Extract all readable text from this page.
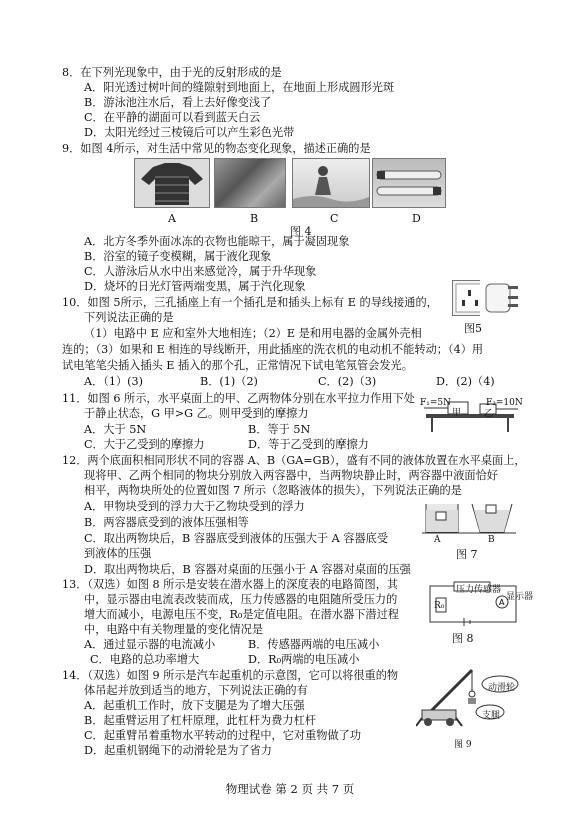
8．在下列光现象中，由于光的反射形成的是
A．阳光透过树叶间的缝隙射到地面上，在地面上形成圆形光斑
B．游泳池注水后，看上去好像变浅了
C．在平静的湖面可以看到蓝天白云
D．太阳光经过三棱镜后可以产生彩色光带
9．如图 4所示，对生活中常见的物态变化现象，描述正确的是
A	B	C	D
图 4
A．北方冬季外面冰冻的衣物也能晾干，属于凝固现象
B．浴室的镜子变模糊，属于液化现象
C．人游泳后从水中出来感觉冷，属于升华现象
D．烧坏的日光灯管两端变黑，属于汽化现象
10．如图 5所示，三孔插座上有一个插孔是和插头上标有 E 的导线接通的，
下列说法正确的是
（1）电路中 E 应和室外大地相连；（2）E 是和用电器的金属外壳相
连的；（3）如果和 E 相连的导线断开，用此插座的洗衣机的电动机不能转动；（4）用
试电笔笔尖插入插头 E 插入的那个孔，正常情况下试电笔氖管会发光。
图5
A．（1）(3)	B．(1)（2)	C．(2)（3)	D．(2)（4)
11．如图 6 所示，水平桌面上的甲、乙两物体分别在水平拉力作用下处
于静止状态，G 甲>G 乙。则甲受到的摩擦力
A．大于 5N	B．等于 5N
C．大于乙受到的摩擦力	D．等于乙受到的摩擦力
F₁=5N	F₂=10N
甲	乙
12．两个底面积相同形状不同的容器 A、B（GA=GB），盛有不同的液体放置在水平桌面上，
现将甲、乙两个相同的物块分别放入两容器中，当两物块静止时，两容器中液面恰好
相平，两物块所处的位置如图 7 所示（忽略液体的损失），下列说法正确的是
A．甲物块受到的浮力大于乙物块受到的浮力
B．两容器底受到的液体压强相等
C．取出两物块后，B 容器底受到液体的压强大于 A 容器底受
到液体的压强
D．取出两物块后，B 容器对桌面的压强小于 A 容器对桌面的压强
A	B
图 7
13．（双选）如图 8 所示是安装在潜水器上的深度表的电路简图，其
中，显示器由电流表改装而成，压力传感器的电阻随所受压力的
增大而减小，电源电压不变，R₀是定值电阻。在潜水器下潜过程
中，电路中有关物理量的变化情况是
A．通过显示器的电流减小	B．传感器两端的电压减小
C．电路的总功率增大	D．R₀两端的电压减小
A
压力传感器
显示器
R₀
图 8
14．（双选）如图 9 所示是汽车起重机的示意图，它可以将很重的物
体吊起并放到适当的地方，下列说法正确的有
A．起重机工作时，放下支腿是为了增大压强
B．起重臂运用了杠杆原理，此杠杆为费力杠杆
C．起重臂吊着重物水平转动的过程中，它对重物做了功
D．起重机钢绳下的动滑轮是为了省力
动滑轮
支腿
图 9
物理试卷 第 2 页 共 7 页
